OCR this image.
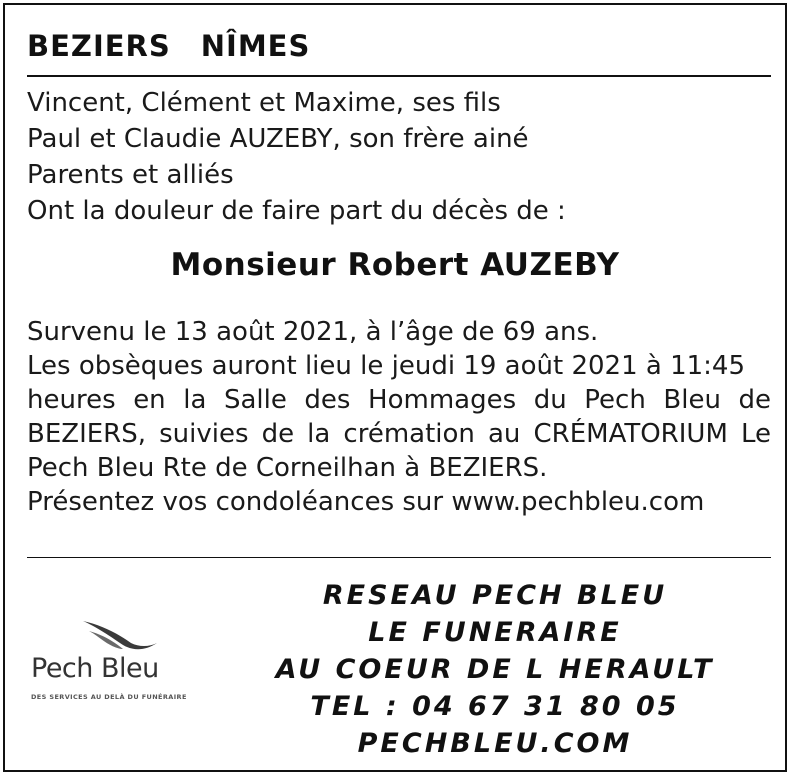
BEZIERS NÎMES
Vincent, Clément et Maxime, ses fils
Paul et Claudie AUZEBY, son frère ainé
Parents et alliés
Ont la douleur de faire part du décès de :
Monsieur Robert AUZEBY
Survenu le 13 août 2021, à l’âge de 69 ans.
Les obsèques auront lieu le jeudi 19 août 2021 à 11:45
heures en la Salle des Hommages du Pech Bleu de
BEZIERS, suivies de la crémation au CRÉMATORIUM Le
Pech Bleu Rte de Corneilhan à BEZIERS.
Présentez vos condoléances sur www.pechbleu.com
Pech Bleu
DES SERVICES AU DELÀ DU FUNÉRAIRE
RESEAU PECH BLEU
LE FUNERAIRE
AU COEUR DE L HERAULT
TEL : 04 67 31 80 05
PECHBLEU.COM
